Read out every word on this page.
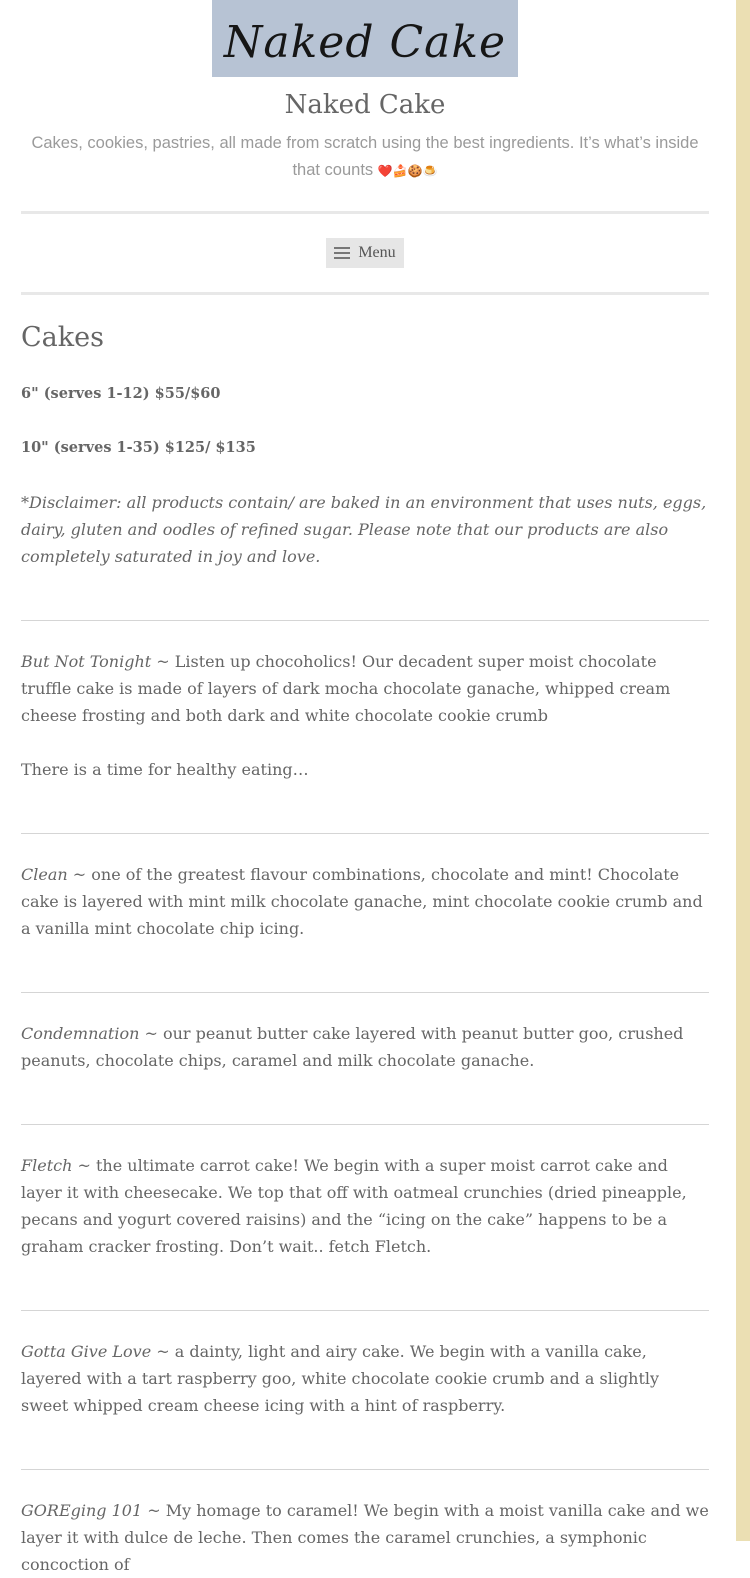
Naked Cake
Naked Cake
Cakes, cookies, pastries, all made from scratch using the best ingredients. It’s what’s inside that counts ❤️🍰🍪🍮
Menu
Cakes
6" (serves 1-12) $55/$60
10" (serves 1-35) $125/ $135
*Disclaimer: all products contain/ are baked in an environment that uses nuts, eggs, dairy, gluten and oodles of refined sugar. Please note that our products are also completely saturated in joy and love.
But Not Tonight ~ Listen up chocoholics! Our decadent super moist chocolate truffle cake is made of layers of dark mocha chocolate ganache, whipped cream cheese frosting and both dark and white chocolate cookie crumb
There is a time for healthy eating…
Clean ~ one of the greatest flavour combinations, chocolate and mint! Chocolate cake is layered with mint milk chocolate ganache, mint chocolate cookie crumb and a vanilla mint chocolate chip icing.
Condemnation ~ our peanut butter cake layered with peanut butter goo, crushed peanuts, chocolate chips, caramel and milk chocolate ganache.
Fletch ~ the ultimate carrot cake! We begin with a super moist carrot cake and layer it with cheesecake. We top that off with oatmeal crunchies (dried pineapple, pecans and yogurt covered raisins) and the “icing on the cake” happens to be a graham cracker frosting. Don’t wait.. fetch Fletch.
Gotta Give Love ~ a dainty, light and airy cake. We begin with a vanilla cake, layered with a tart raspberry goo, white chocolate cookie crumb and a slightly sweet whipped cream cheese icing with a hint of raspberry.
GOREging 101 ~ My homage to caramel! We begin with a moist vanilla cake and we layer it with dulce de leche. Then comes the caramel crunchies, a symphonic concoction of
